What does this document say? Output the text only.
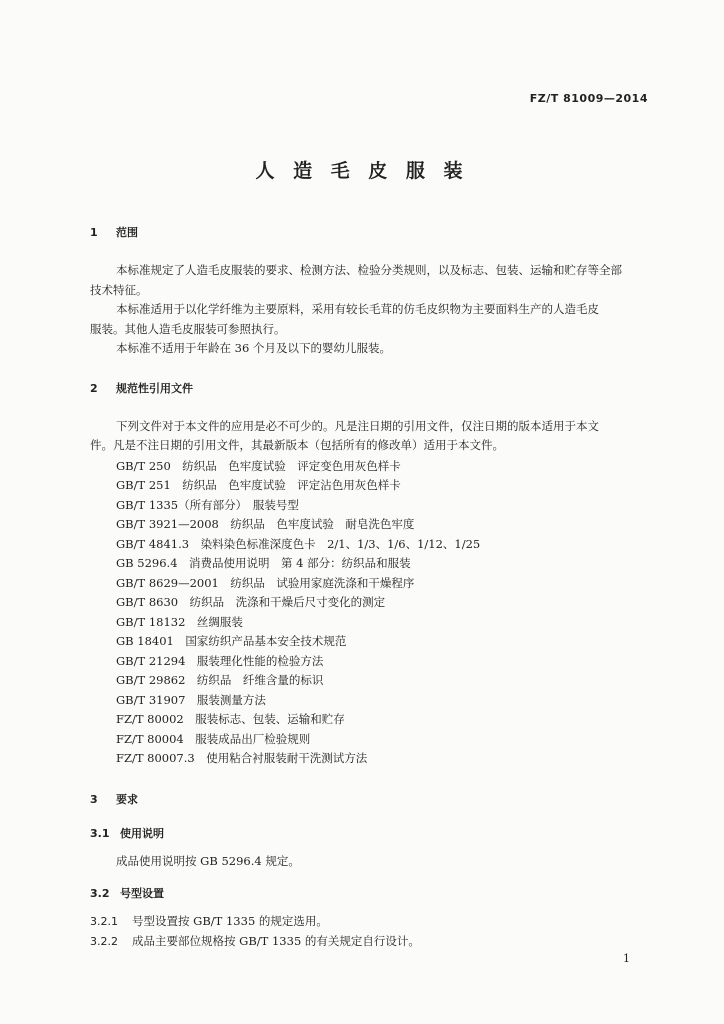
FZ/T 81009—2014
人 造 毛 皮 服 装
1 范围
本标准规定了人造毛皮服装的要求、检测方法、检验分类规则，以及标志、包装、运输和贮存等全部
技术特征。
本标准适用于以化学纤维为主要原料，采用有较长毛茸的仿毛皮织物为主要面料生产的人造毛皮
服装。其他人造毛皮服装可参照执行。
本标准不适用于年龄在 36 个月及以下的婴幼儿服装。
2 规范性引用文件
下列文件对于本文件的应用是必不可少的。凡是注日期的引用文件，仅注日期的版本适用于本文
件。凡是不注日期的引用文件，其最新版本（包括所有的修改单）适用于本文件。
GB/T 250　纺织品　色牢度试验　评定变色用灰色样卡
GB/T 251　纺织品　色牢度试验　评定沾色用灰色样卡
GB/T 1335（所有部分）　服装号型
GB/T 3921—2008　纺织品　色牢度试验　耐皂洗色牢度
GB/T 4841.3　染料染色标准深度色卡　2/1、1/3、1/6、1/12、1/25
GB 5296.4　消费品使用说明　第 4 部分：纺织品和服装
GB/T 8629—2001　纺织品　试验用家庭洗涤和干燥程序
GB/T 8630　纺织品　洗涤和干燥后尺寸变化的测定
GB/T 18132　丝绸服装
GB 18401　国家纺织产品基本安全技术规范
GB/T 21294　服装理化性能的检验方法
GB/T 29862　纺织品　纤维含量的标识
GB/T 31907　服装测量方法
FZ/T 80002　服装标志、包装、运输和贮存
FZ/T 80004　服装成品出厂检验规则
FZ/T 80007.3　使用粘合衬服装耐干洗测试方法
3 要求
3.1 使用说明
成品使用说明按 GB 5296.4 规定。
3.2 号型设置
3.2.1 号型设置按 GB/T 1335 的规定选用。
3.2.2 成品主要部位规格按 GB/T 1335 的有关规定自行设计。
1
